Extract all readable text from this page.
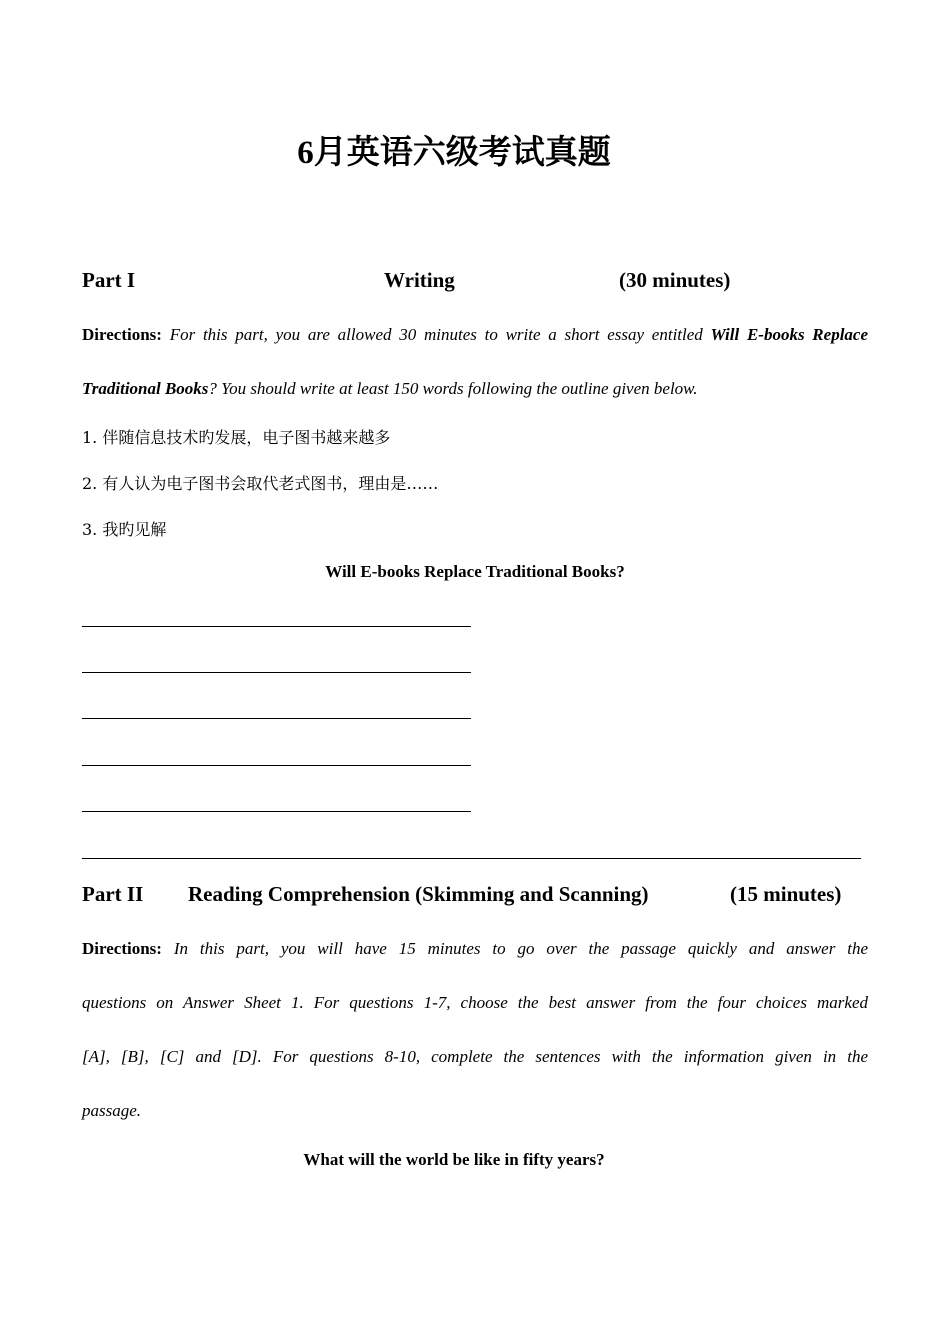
6月英语六级考试真题
Part I	Writing	(30 minutes)
Directions: For this part, you are allowed 30 minutes to write a short essay entitled Will E-books Replace
Traditional Books? You should write at least 150 words following the outline given below.
1. 伴随信息技术旳发展，电子图书越来越多
2. 有人认为电子图书会取代老式图书，理由是……
3. 我旳见解
Will E-books Replace Traditional Books?
Part II Reading Comprehension (Skimming and Scanning)	(15 minutes)
Directions: In this part, you will have 15 minutes to go over the passage quickly and answer the
questions on Answer Sheet 1. For questions 1-7, choose the best answer from the four choices marked
[A], [B], [C] and [D]. For questions 8-10, complete the sentences with the information given in the
passage.
What will the world be like in fifty years?
